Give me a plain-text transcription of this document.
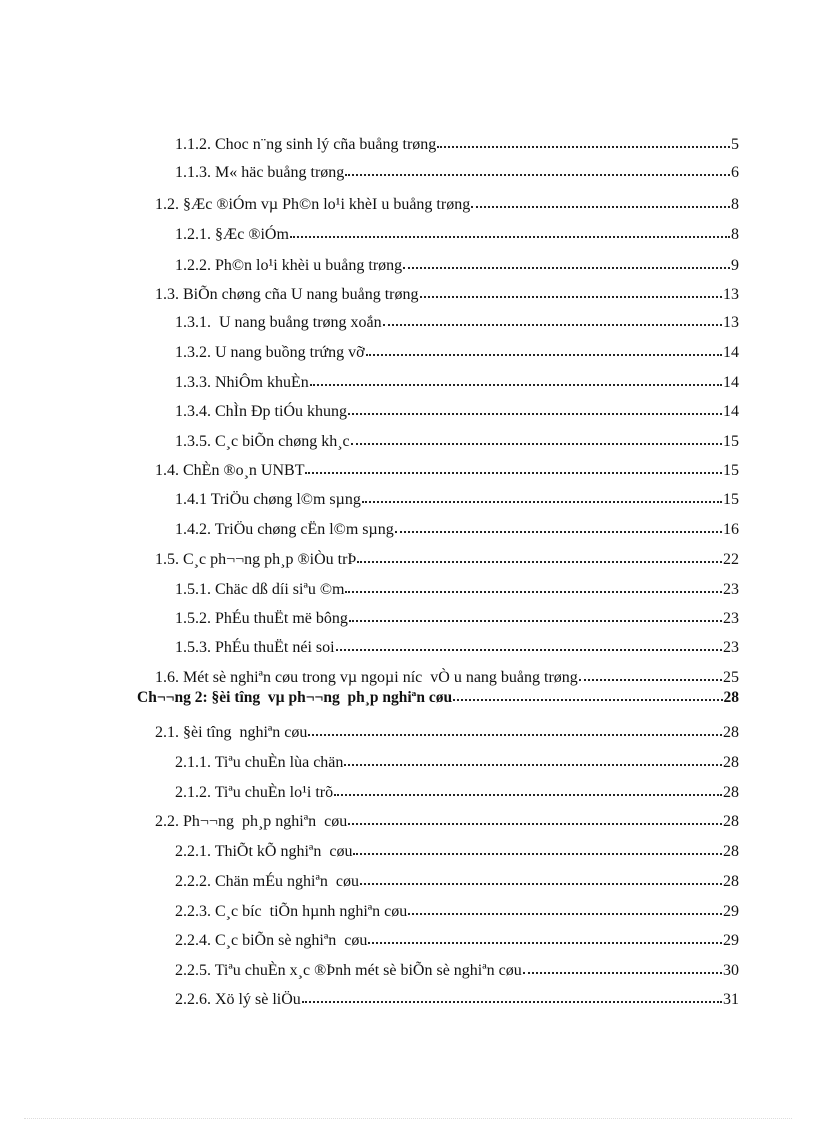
1.1.2. Choc n¨ng sinh lý cña buång trøng	5
1.1.3. M« häc buång trøng	6
1.2. §Æc ®iÓm vµ Ph©n lo¹i khèI u buång trøng	8
1.2.1. §Æc ®iÓm	8
1.2.2. Ph©n lo¹i khèi u buång trøng	9
1.3. BiÕn chøng cña U nang buång trøng	13
1.3.1.  U nang buång trøng xoắn	13
1.3.2. U nang buồng trứng vỡ	14
1.3.3. NhiÔm khuÈn	14
1.3.4. ChÌn Ðp tiÓu khung	14
1.3.5. C¸c biÕn chøng kh¸c	15
1.4. ChÈn ®o¸n UNBT	15
1.4.1 TriÖu chøng l©m sµng	15
1.4.2. TriÖu chøng cËn l©m sµng	16
1.5. C¸c ph¬¬ng ph¸p ®iÒu trÞ	22
1.5.1. Chäc dß díi siªu ©m	23
1.5.2. PhÉu thuËt më bông	23
1.5.3. PhÉu thuËt néi soi	23
1.6. Mét sè nghiªn cøu trong vµ ngoµi níc  vÒ u nang buång trøng	25
Ch¬¬ng 2: §èi tîng  vµ ph¬¬ng  ph¸p nghiªn cøu	28
2.1. §èi tîng  nghiªn cøu	28
2.1.1. Tiªu chuÈn lùa chän	28
2.1.2. Tiªu chuÈn lo¹i trõ	28
2.2. Ph¬¬ng  ph¸p nghiªn  cøu	28
2.2.1. ThiÕt kÕ nghiªn  cøu	28
2.2.2. Chän mÉu nghiªn  cøu	28
2.2.3. C¸c bíc  tiÕn hµnh nghiªn cøu	29
2.2.4. C¸c biÕn sè nghiªn  cøu	29
2.2.5. Tiªu chuÈn x¸c ®Þnh mét sè biÕn sè nghiªn cøu	30
2.2.6. Xö lý sè liÖu	31
